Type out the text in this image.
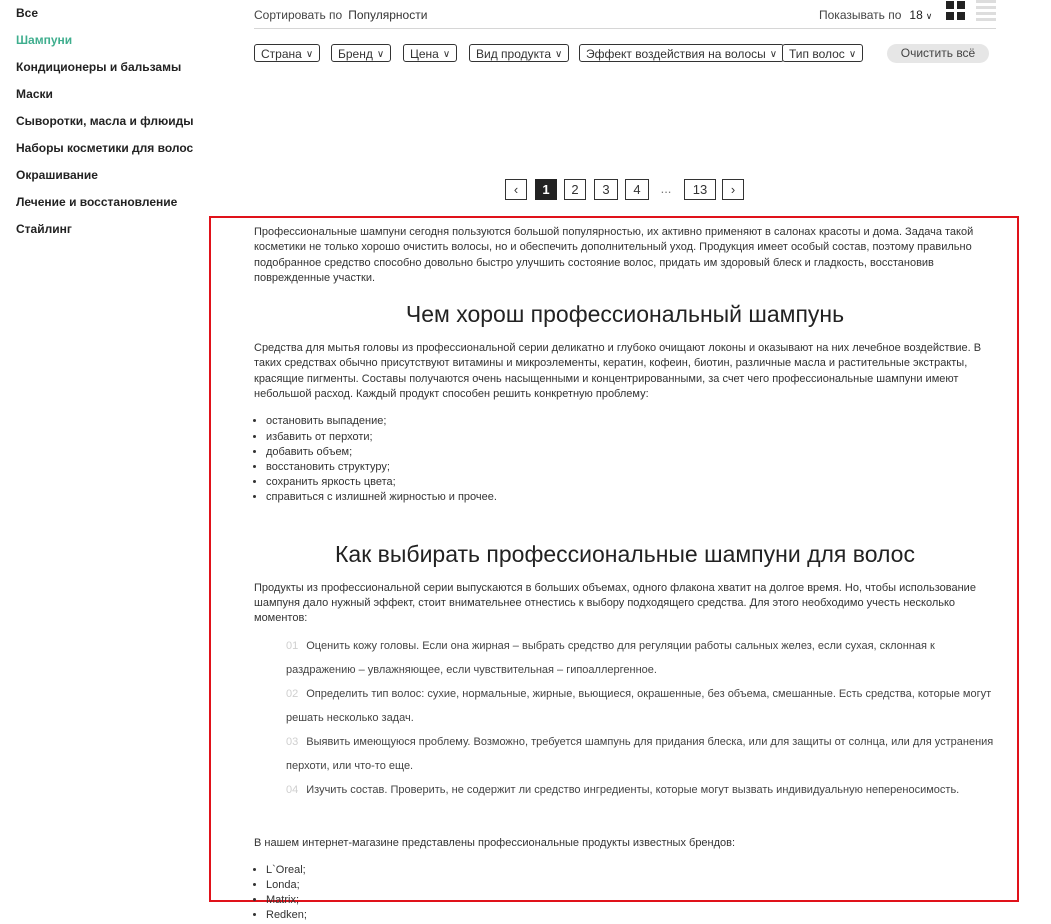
Все
Шампуни
Кондиционеры и бальзамы
Маски
Сыворотки, масла и флюиды
Наборы косметики для волос
Окрашивание
Лечение и восстановление
Стайлинг
Сортировать по Популярности	Показывать по 18 ∨
Страна ∨	Бренд ∨	Цена ∨	Вид продукта ∨	Эффект воздействия на волосы ∨ Тип волос ∨	Очистить всё
‹	1	2	3	4	...	13	›

Профессиональные шампуни сегодня пользуются большой популярностью, их активно применяют в салонах красоты и дома. Задача такой косметики не только хорошо очистить волосы, но и обеспечить дополнительный уход. Продукция имеет особый состав, поэтому правильно подобранное средство способно довольно быстро улучшить состояние волос, придать им здоровый блеск и гладкость, восстановив поврежденные участки.

Чем хорош профессиональный шампунь

Средства для мытья головы из профессиональной серии деликатно и глубоко очищают локоны и оказывают на них лечебное воздействие. В таких средствах обычно присутствуют витамины и микроэлементы, кератин, кофеин, биотин, различные масла и растительные экстракты, красящие пигменты. Составы получаются очень насыщенными и концентрированными, за счет чего профессиональные шампуни имеют небольшой расход. Каждый продукт способен решить конкретную проблему:

• остановить выпадение;
• избавить от перхоти;
• добавить объем;
• восстановить структуру;
• сохранить яркость цвета;
• справиться с излишней жирностью и прочее.
Как выбирать профессиональные шампуни для волос

Продукты из профессиональной серии выпускаются в больших объемах, одного флакона хватит на долгое время. Но, чтобы использование шампуня дало нужный эффект, стоит внимательнее отнестись к выбору подходящего средства. Для этого необходимо учесть несколько моментов:

01 Оценить кожу головы. Если она жирная – выбрать средство для регуляции работы сальных желез, если сухая, склонная к раздражению – увлажняющее, если чувствительная – гипоаллергенное.
02 Определить тип волос: сухие, нормальные, жирные, вьющиеся, окрашенные, без объема, смешанные. Есть средства, которые могут решать несколько задач.
03 Выявить имеющуюся проблему. Возможно, требуется шампунь для придания блеска, или для защиты от солнца, или для устранения перхоти, или что-то еще.
04 Изучить состав. Проверить, не содержит ли средство ингредиенты, которые могут вызвать индивидуальную непереносимость.

В нашем интернет-магазине представлены профессиональные продукты известных брендов:

• L`Oreal;
• Londa;
• Matrix;
• Redken;
